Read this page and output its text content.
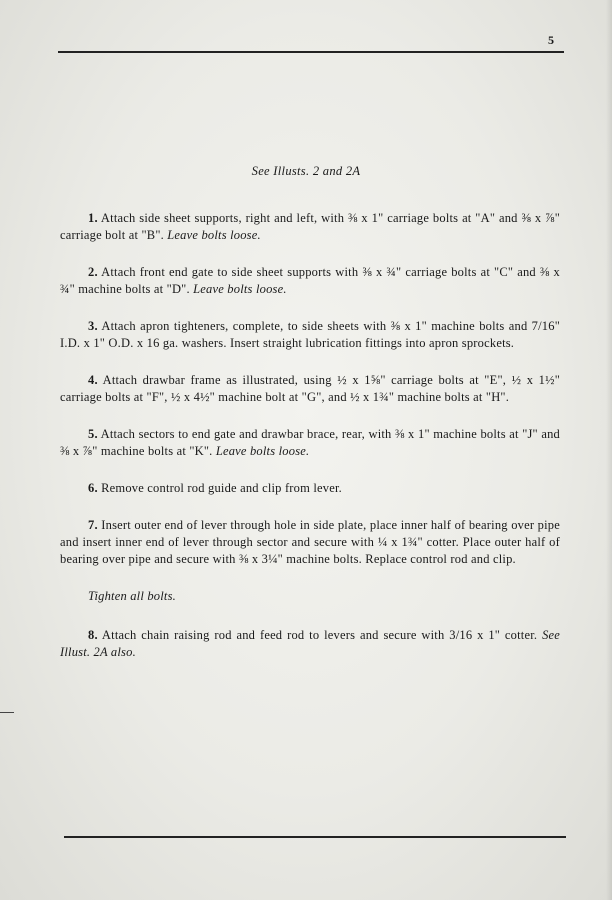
5
See Illusts. 2 and 2A

1. Attach side sheet supports, right and left, with ⅜ x 1" carriage bolts at "A" and ⅜ x ⅞" carriage bolt at "B". Leave bolts loose.

2. Attach front end gate to side sheet supports with ⅜ x ¾" carriage bolts at "C" and ⅜ x ¾" machine bolts at "D". Leave bolts loose.

3. Attach apron tighteners, complete, to side sheets with ⅜ x 1" machine bolts and 7/16" I.D. x 1" O.D. x 16 ga. washers. Insert straight lubrication fittings into apron sprockets.

4. Attach drawbar frame as illustrated, using ½ x 1⅝" carriage bolts at "E", ½ x 1½" carriage bolts at "F", ½ x 4½" machine bolt at "G", and ½ x 1¾" machine bolts at "H".

5. Attach sectors to end gate and drawbar brace, rear, with ⅜ x 1" machine bolts at "J" and ⅜ x ⅞" machine bolts at "K". Leave bolts loose.

6. Remove control rod guide and clip from lever.

7. Insert outer end of lever through hole in side plate, place inner half of bearing over pipe and insert inner end of lever through sector and secure with ¼ x 1¾" cotter. Place outer half of bearing over pipe and secure with ⅜ x 3¼" machine bolts. Replace control rod and clip.

Tighten all bolts.

8. Attach chain raising rod and feed rod to levers and secure with 3/16 x 1" cotter. See Illust. 2A also.
